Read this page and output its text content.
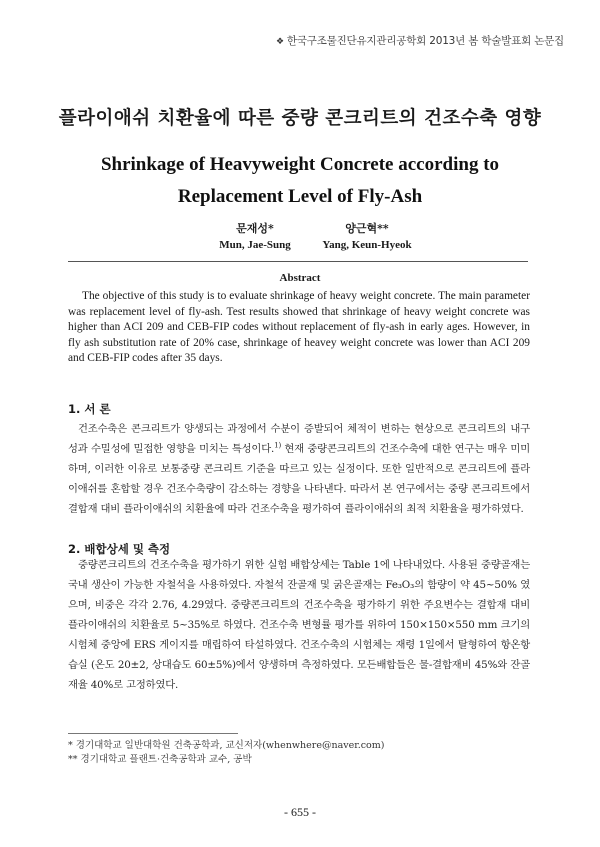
❖ 한국구조물진단유지관리공학회 2013년 봄 학술발표회 논문집
플라이애쉬 치환율에 따른 중량 콘크리트의 건조수축 영향
Shrinkage of Heavyweight Concrete according to
Replacement Level of Fly-Ash
문재성*
Mun, Jae-Sung
양근혁**
Yang, Keun-Hyeok
Abstract

The objective of this study is to evaluate shrinkage of heavy weight concrete. The main parameter was replacement level of fly-ash. Test results showed that shrinkage of heavy weight concrete was higher than ACI 209 and CEB-FIP codes without replacement of fly-ash in early ages. However, in fly ash substitution rate of 20% case, shrinkage of heavey weight concrete was lower than ACI 209 and CEB-FIP codes after 35 days.

1. 서 론

건조수축은 콘크리트가 양생되는 과정에서 수분이 증발되어 체적이 변하는 현상으로 콘크리트의 내구성과 수밀성에 밀접한 영향을 미치는 특성이다.$^{1)}$ 현재 중량콘크리트의 건조수축에 대한 연구는 매우 미미하며, 이러한 이유로 보통중량 콘크리트 기준을 따르고 있는 실정이다. 또한 일반적으로 콘크리트에 플라이애쉬를 혼합할 경우 건조수축량이 감소하는 경향을 나타낸다. 따라서 본 연구에서는 중량 콘크리트에서 결합재 대비 플라이애쉬의 치환율에 따라 건조수축을 평가하여 플라이애쉬의 최적 치환율을 평가하였다.

2. 배합상세 및 측정

중량콘크리트의 건조수축을 평가하기 위한 실험 배합상세는 Table 1에 나타내었다. 사용된 중량골재는 국내 생산이 가능한 자철석을 사용하였다. 자철석 잔골재 및 굵은골재는 Fe₃O₃의 함량이 약 45~50% 였으며, 비중은 각각 2.76, 4.29였다. 중량콘크리트의 건조수축을 평가하기 위한 주요변수는 결합재 대비 플라이애쉬의 치환율로 5~35%로 하였다. 건조수축 변형률 평가를 위하여 150×150×550 mm 크기의 시험체 중앙에 ERS 게이지를 매립하여 타설하였다. 건조수축의 시험체는 재령 1일에서 탈형하여 항온항습실 (온도 20±2, 상대습도 60±5%)에서 양생하며 측정하였다. 모든배합들은 물-결합재비 45%와 잔골재율 40%로 고정하였다.

* 경기대학교 일반대학원 건축공학과, 교신저자(whenwhere@naver.com)
** 경기대학교 플랜트·건축공학과 교수, 공박
- 655 -
